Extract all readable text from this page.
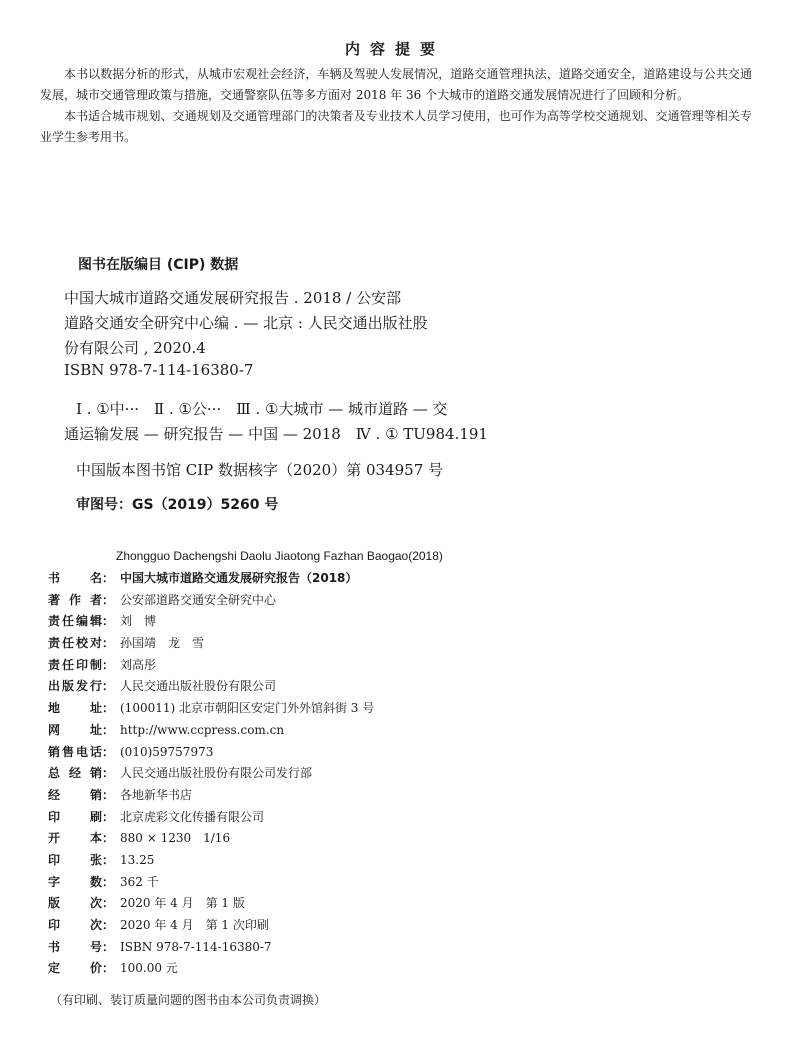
内容提要

本书以数据分析的形式，从城市宏观社会经济，车辆及驾驶人发展情况，道路交通管理执法，道路交通安全，道路建设与公共交通发展，城市交通管理政策与措施，交通警察队伍等多方面对 2018 年 36 个大城市的道路交通发展情况进行了回顾和分析。

本书适合城市规划、交通规划及交通管理部门的决策者及专业技术人员学习使用，也可作为高等学校交通规划、交通管理等相关专业学生参考用书。

图书在版编目 (CIP) 数据
中国大城市道路交通发展研究报告 . 2018 / 公安部
道路交通安全研究中心编 . — 北京 : 人民交通出版社股
份有限公司 , 2020.4
ISBN 978-7-114-16380-7
Ⅰ . ①中···　Ⅱ . ①公···　Ⅲ . ①大城市 — 城市道路 — 交
通运输发展 — 研究报告 — 中国 — 2018　Ⅳ . ① TU984.191
中国版本图书馆 CIP 数据核字（2020）第 034957 号
审图号：GS（2019）5260 号
Zhongguo Dachengshi Daolu Jiaotong Fazhan Baogao(2018)
书名 ： 中国大城市道路交通发展研究报告（2018）
著作者 ： 公安部道路交通安全研究中心
责任编辑 ： 刘　博
责任校对 ： 孙国靖　龙　雪
责任印制 ： 刘高彤
出版发行 ： 人民交通出版社股份有限公司
地址 ： (100011) 北京市朝阳区安定门外外馆斜街 3 号
网址 ： http://www.ccpress.com.cn
销售电话 ： (010)59757973
总经销 ： 人民交通出版社股份有限公司发行部
经销 ： 各地新华书店
印刷 ： 北京虎彩文化传播有限公司
开本 ： 880 × 1230　1/16
印张 ： 13.25
字数 ： 362 千
版次 ： 2020 年 4 月　第 1 版
印次 ： 2020 年 4 月　第 1 次印刷
书号 ： ISBN 978-7-114-16380-7
定价 ： 100.00 元
（有印刷、装订质量问题的图书由本公司负责调换）
